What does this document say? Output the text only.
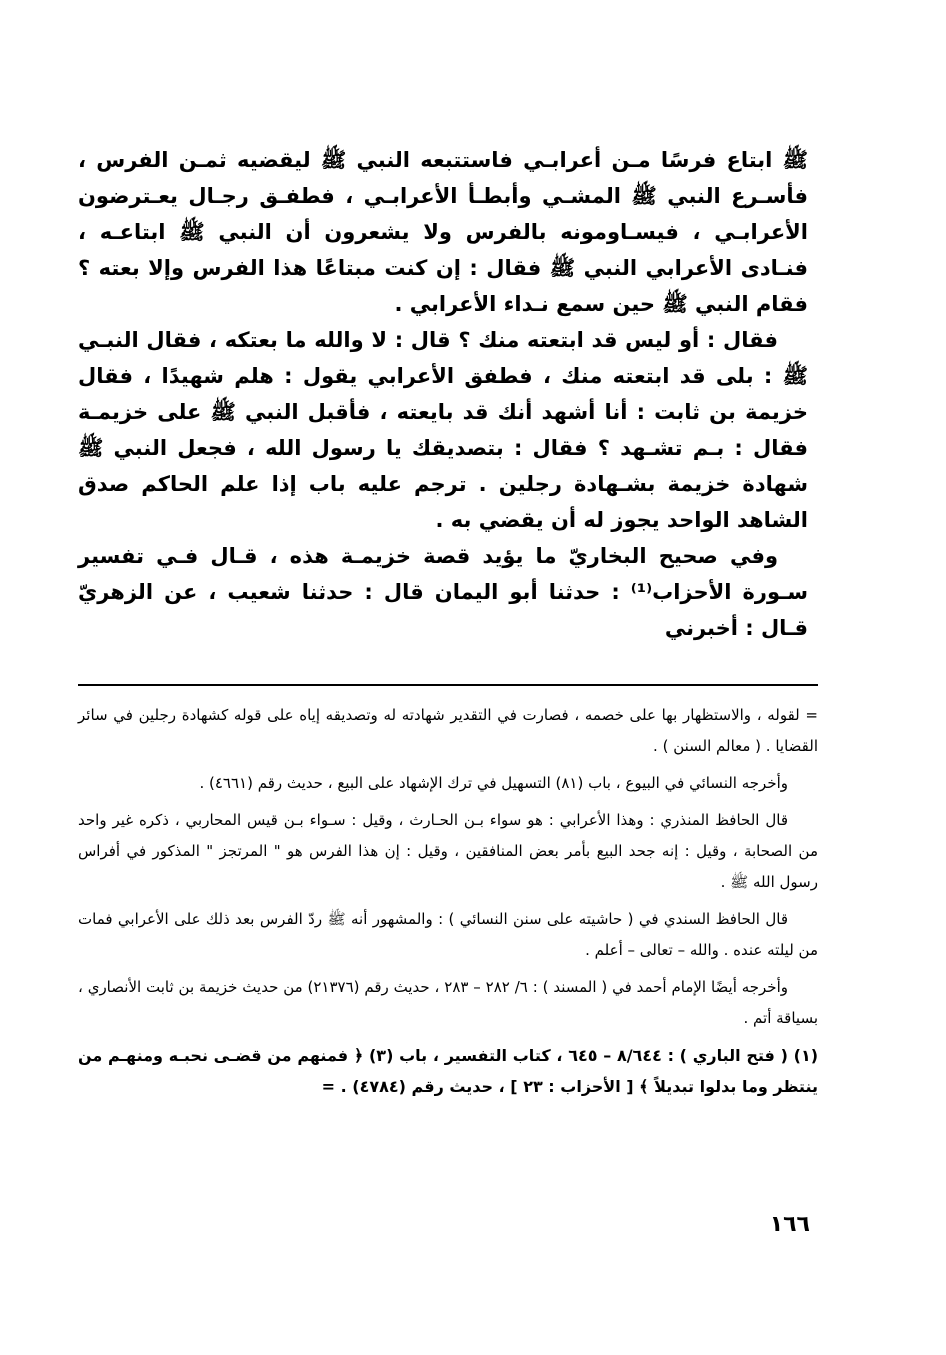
ﷺ ابتاع فرسًا مـن أعرابـي فاستتبعه النبي ﷺ ليقضيه ثمـن الفرس ، فأسـرع النبي ﷺ المشـي وأبطـأ الأعرابـي ، فطفـق رجـال يعـترضون الأعرابـي ، فيسـاومونه بالفرس ولا يشعرون أن النبي ﷺ ابتاعـه ، فنـادى الأعرابي النبي ﷺ فقال : إن كنت مبتاعًا هذا الفرس وإلا بعته ؟ فقام النبي ﷺ حين سمع نـداء الأعرابي .

فقال : أو ليس قد ابتعته منك ؟ قال : لا والله ما بعتكه ، فقال النبـي ﷺ : بلى قد ابتعته منك ، فطفق الأعرابي يقول : هلم شهيدًا ، فقال خزيمة بن ثابت : أنا أشهد أنك قد بايعته ، فأقبل النبي ﷺ على خزيمـة فقال : بـم تشـهد ؟ فقال : بتصديقك يا رسول الله ، فجعل النبي ﷺ شهادة خزيمة بشـهادة رجلين . ترجم عليه باب إذا علم الحاكم صدق الشاهد الواحد يجوز له أن يقضي به .

وفي صحيح البخاريّ ما يؤيد قصة خزيمـة هذه ، قـال فـي تفسير سـورة الأحزاب⁽¹⁾ : حدثنا أبو اليمان قال : حدثنا شعيب ، عن الزهريّ قـال : أخبرني

= لقوله ، والاستظهار بها على خصمه ، فصارت في التقدير شهادته له وتصديقه إياه على قوله كشهادة رجلين في سائر القضايا . ( معالم السنن ) .

وأخرجه النسائي في البيوع ، باب (٨١) التسهيل في ترك الإشهاد على البيع ، حديث رقم (٤٦٦١) .

قال الحافظ المنذري : وهذا الأعرابي : هو سواء بـن الحـارث ، وقيل : سـواء بـن قيس المحاربي ، ذكره غير واحد من الصحابة ، وقيل : إنه جحد البيع بأمر بعض المنافقين ، وقيل : إن هذا الفرس هو " المرتجز " المذكور في أفراس رسول الله ﷺ .

قال الحافظ السندي في ( حاشيته على سنن النسائي ) : والمشهور أنه ﷺ ردّ الفرس بعد ذلك على الأعرابي فمات من ليلته عنده . والله – تعالى – أعلم .

وأخرجه أيضًا الإمام أحمد في ( المسند ) : ٦/ ٢٨٢ – ٢٨٣ ، حديث رقم (٢١٣٧٦) من حديث خزيمة بن ثابت الأنصاري ، بسياقة أتم .

(١) ( فتح الباري ) : ٨/٦٤٤ – ٦٤٥ ، كتاب التفسير ، باب (٣) ﴿ فمنهم من قضـى نحبـه ومنهـم من ينتظر وما بدلوا تبديلاً ﴾ [ الأحزاب : ٢٣ ] ، حديث رقم (٤٧٨٤) . =

١٦٦
